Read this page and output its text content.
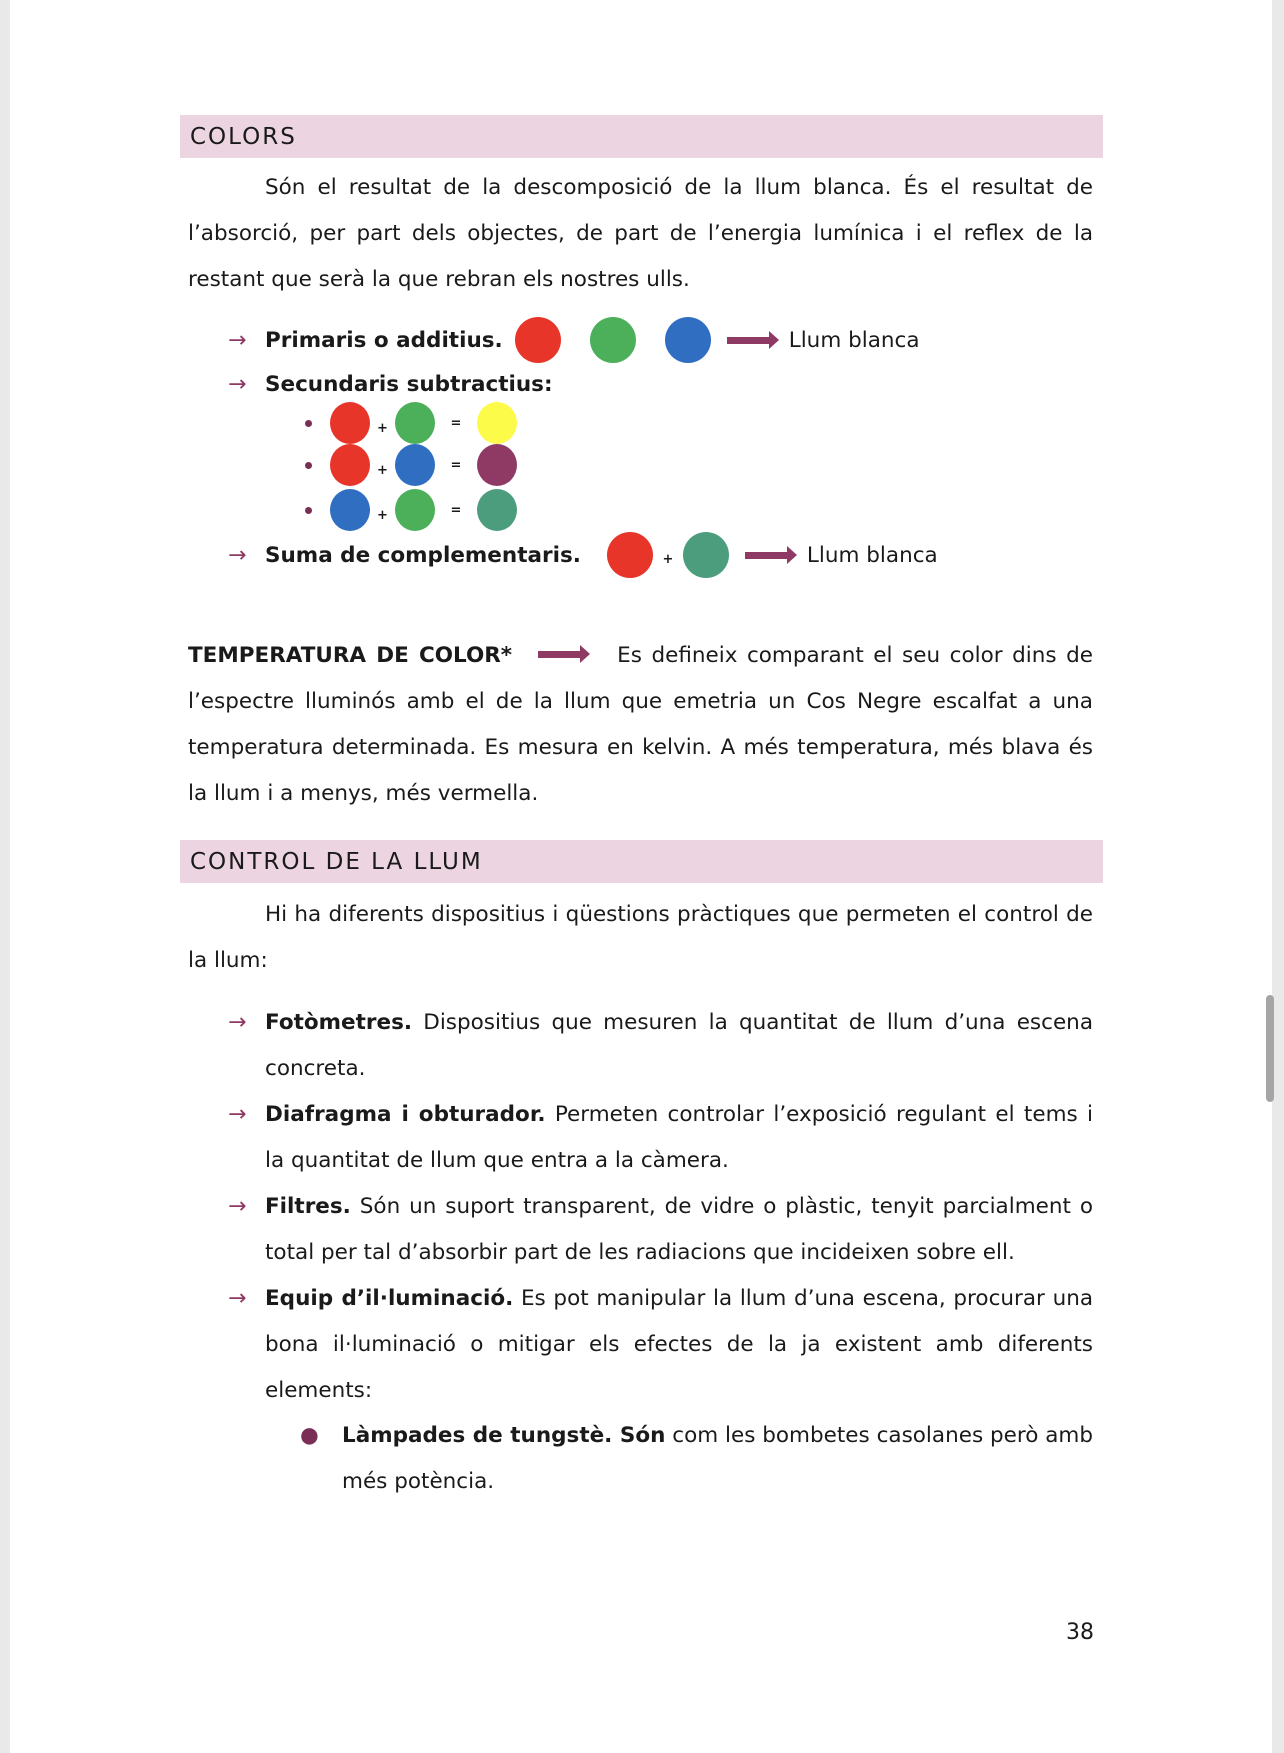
COLORS
Són el resultat de la descomposició de la llum blanca. És el resultat de l’absorció, per part dels objectes, de part de l’energia lumínica i el reflex de la restant que serà la que rebran els nostres ulls.
→ Primaris o additius.	Llum blanca
→ Secundaris subtractius:
+	=
+	=
+	=
→ Suma de complementaris.	+	Llum blanca
TEMPERATURA DE COLOR*	Es defineix comparant el seu color dins de l’espectre lluminós amb el de la llum que emetria un Cos Negre escalfat a una temperatura determinada. Es mesura en kelvin. A més temperatura, més blava és la llum i a menys, més vermella.
CONTROL DE LA LLUM
Hi ha diferents dispositius i qüestions pràctiques que permeten el control de la llum:
→ Fotòmetres. Dispositius que mesuren la quantitat de llum d’una escena concreta.
→ Diafragma i obturador. Permeten controlar l’exposició regulant el tems i la quantitat de llum que entra a la càmera.
→ Filtres. Són un suport transparent, de vidre o plàstic, tenyit parcialment o total per tal d’absorbir part de les radiacions que incideixen sobre ell.
→ Equip d’il·luminació. Es pot manipular la llum d’una escena, procurar una bona il·luminació o mitigar els efectes de la ja existent amb diferents elements:
●	Làmpades de tungstè. Són com les bombetes casolanes però amb més potència.
38
